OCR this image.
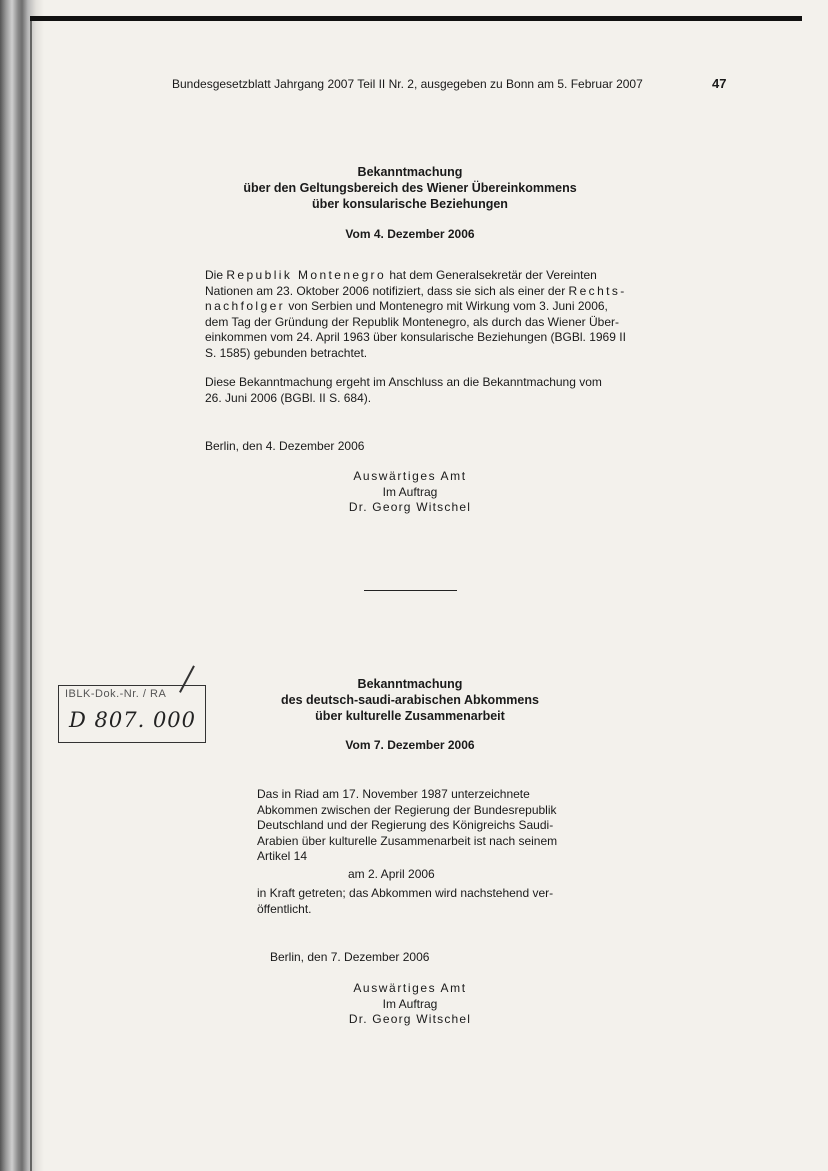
Bundesgesetzblatt Jahrgang 2007 Teil II Nr. 2, ausgegeben zu Bonn am 5. Februar 2007	47
Bekanntmachung
über den Geltungsbereich des Wiener Übereinkommens
über konsularische Beziehungen
Vom 4. Dezember 2006
Die Republik Montenegro hat dem Generalsekretär der Vereinten
Nationen am 23. Oktober 2006 notifiziert, dass sie sich als einer der Rechts-
nachfolger von Serbien und Montenegro mit Wirkung vom 3. Juni 2006,
dem Tag der Gründung der Republik Montenegro, als durch das Wiener Über-
einkommen vom 24. April 1963 über konsularische Beziehungen (BGBl. 1969 II
S. 1585) gebunden betrachtet.
Diese Bekanntmachung ergeht im Anschluss an die Bekanntmachung vom
26. Juni 2006 (BGBl. II S. 684).
Berlin, den 4. Dezember 2006
Auswärtiges Amt
Im Auftrag
Dr. Georg Witschel
IBLK-Dok.-Nr. / RA
D 807. 000
Bekanntmachung
des deutsch-saudi-arabischen Abkommens
über kulturelle Zusammenarbeit
Vom 7. Dezember 2006
Das in Riad am 17. November 1987 unterzeichnete
Abkommen zwischen der Regierung der Bundesrepublik
Deutschland und der Regierung des Königreichs Saudi-
Arabien über kulturelle Zusammenarbeit ist nach seinem
Artikel 14
am 2. April 2006
in Kraft getreten; das Abkommen wird nachstehend ver-
öffentlicht.
Berlin, den 7. Dezember 2006
Auswärtiges Amt
Im Auftrag
Dr. Georg Witschel
